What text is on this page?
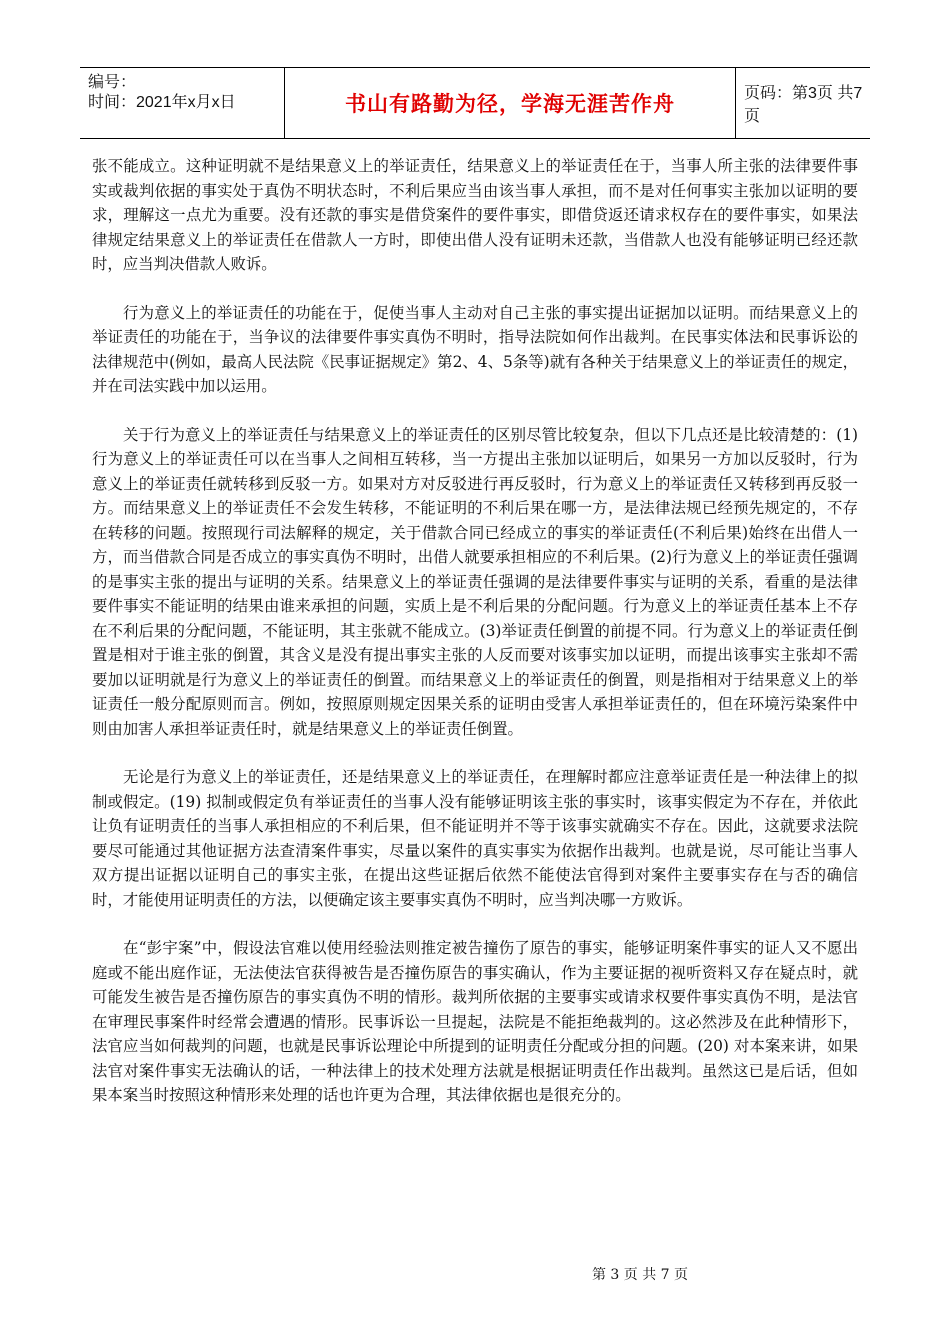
编号：
时间：2021年x月x日	书山有路勤为径，学海无涯苦作舟	页码：第3页 共7页

张不能成立。这种证明就不是结果意义上的举证责任，结果意义上的举证责任在于，当事人所主张的法律要件事实或裁判依据的事实处于真伪不明状态时，不利后果应当由该当事人承担，而不是对任何事实主张加以证明的要求，理解这一点尤为重要。没有还款的事实是借贷案件的要件事实，即借贷返还请求权存在的要件事实，如果法律规定结果意义上的举证责任在借款人一方时，即使出借人没有证明未还款，当借款人也没有能够证明已经还款时，应当判决借款人败诉。

行为意义上的举证责任的功能在于，促使当事人主动对自己主张的事实提出证据加以证明。而结果意义上的举证责任的功能在于，当争议的法律要件事实真伪不明时，指导法院如何作出裁判。在民事实体法和民事诉讼的法律规范中(例如，最高人民法院《民事证据规定》第2、4、5条等)就有各种关于结果意义上的举证责任的规定，并在司法实践中加以运用。

关于行为意义上的举证责任与结果意义上的举证责任的区别尽管比较复杂，但以下几点还是比较清楚的：(1)行为意义上的举证责任可以在当事人之间相互转移，当一方提出主张加以证明后，如果另一方加以反驳时，行为意义上的举证责任就转移到反驳一方。如果对方对反驳进行再反驳时，行为意义上的举证责任又转移到再反驳一方。而结果意义上的举证责任不会发生转移，不能证明的不利后果在哪一方，是法律法规已经预先规定的，不存在转移的问题。按照现行司法解释的规定，关于借款合同已经成立的事实的举证责任(不利后果)始终在出借人一方，而当借款合同是否成立的事实真伪不明时，出借人就要承担相应的不利后果。(2)行为意义上的举证责任强调的是事实主张的提出与证明的关系。结果意义上的举证责任强调的是法律要件事实与证明的关系，看重的是法律要件事实不能证明的结果由谁来承担的问题，实质上是不利后果的分配问题。行为意义上的举证责任基本上不存在不利后果的分配问题，不能证明，其主张就不能成立。(3)举证责任倒置的前提不同。行为意义上的举证责任倒置是相对于谁主张的倒置，其含义是没有提出事实主张的人反而要对该事实加以证明，而提出该事实主张却不需要加以证明就是行为意义上的举证责任的倒置。而结果意义上的举证责任的倒置，则是指相对于结果意义上的举证责任一般分配原则而言。例如，按照原则规定因果关系的证明由受害人承担举证责任的，但在环境污染案件中则由加害人承担举证责任时，就是结果意义上的举证责任倒置。

无论是行为意义上的举证责任，还是结果意义上的举证责任，在理解时都应注意举证责任是一种法律上的拟制或假定。(19) 拟制或假定负有举证责任的当事人没有能够证明该主张的事实时，该事实假定为不存在，并依此让负有证明责任的当事人承担相应的不利后果，但不能证明并不等于该事实就确实不存在。因此，这就要求法院要尽可能通过其他证据方法查清案件事实，尽量以案件的真实事实为依据作出裁判。也就是说，尽可能让当事人双方提出证据以证明自己的事实主张，在提出这些证据后依然不能使法官得到对案件主要事实存在与否的确信时，才能使用证明责任的方法，以便确定该主要事实真伪不明时，应当判决哪一方败诉。

在“彭宇案”中，假设法官难以使用经验法则推定被告撞伤了原告的事实，能够证明案件事实的证人又不愿出庭或不能出庭作证，无法使法官获得被告是否撞伤原告的事实确认，作为主要证据的视听资料又存在疑点时，就可能发生被告是否撞伤原告的事实真伪不明的情形。裁判所依据的主要事实或请求权要件事实真伪不明，是法官在审理民事案件时经常会遭遇的情形。民事诉讼一旦提起，法院是不能拒绝裁判的。这必然涉及在此种情形下，法官应当如何裁判的问题，也就是民事诉讼理论中所提到的证明责任分配或分担的问题。(20) 对本案来讲，如果法官对案件事实无法确认的话，一种法律上的技术处理方法就是根据证明责任作出裁判。虽然这已是后话，但如果本案当时按照这种情形来处理的话也许更为合理，其法律依据也是很充分的。

第 3 页 共 7 页
